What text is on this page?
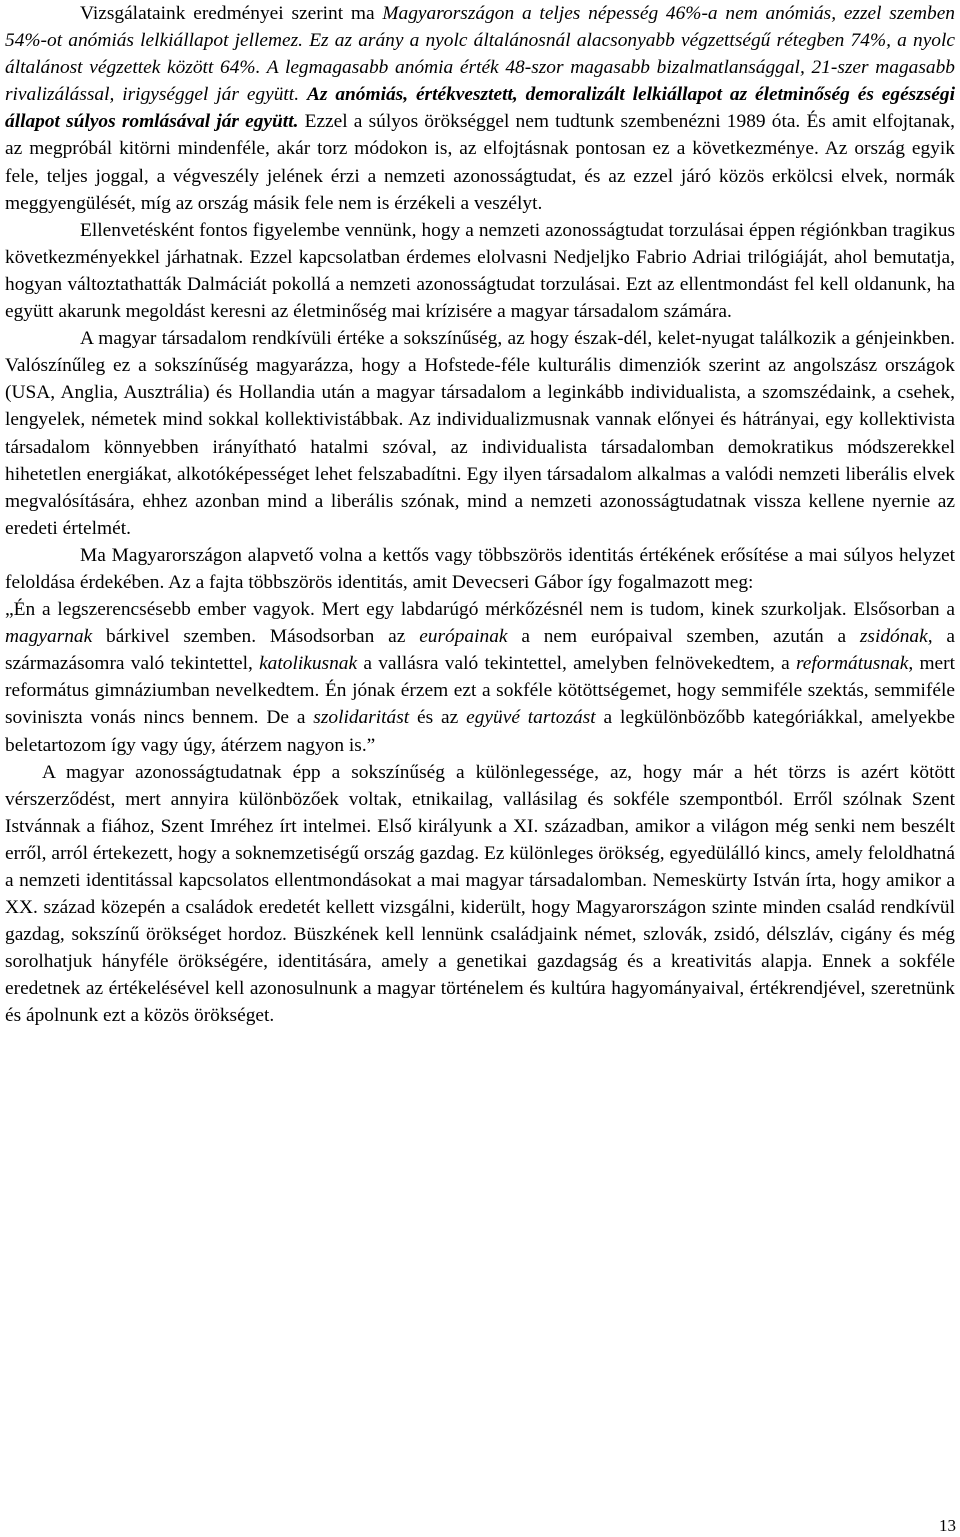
Vizsgálataink eredményei szerint ma Magyarországon a teljes népesség 46%-a nem anómiás, ezzel szemben 54%-ot anómiás lelkiállapot jellemez. Ez az arány a nyolc általánosnál alacsonyabb végzettségű rétegben 74%, a nyolc általánost végzettek között 64%. A legmagasabb anómia érték 48-szor magasabb bizalmatlansággal, 21-szer magasabb rivalizálással, irigységgel jár együtt. Az anómiás, értékvesztett, demoralizált lelkiállapot az életminőség és egészségi állapot súlyos romlásával jár együtt. Ezzel a súlyos örökséggel nem tudtunk szembenézni 1989 óta. És amit elfojtanak, az megpróbál kitörni mindenféle, akár torz módokon is, az elfojtásnak pontosan ez a következménye. Az ország egyik fele, teljes joggal, a végveszély jelének érzi a nemzeti azonosságtudat, és az ezzel járó közös erkölcsi elvek, normák meggyengülését, míg az ország másik fele nem is érzékeli a veszélyt.

Ellenvetésként fontos figyelembe vennünk, hogy a nemzeti azonosságtudat torzulásai éppen régiónkban tragikus következményekkel járhatnak. Ezzel kapcsolatban érdemes elolvasni Nedjeljko Fabrio Adriai trilógiáját, ahol bemutatja, hogyan változtathatták Dalmáciát pokollá a nemzeti azonosságtudat torzulásai. Ezt az ellentmondást fel kell oldanunk, ha együtt akarunk megoldást keresni az életminőség mai krízisére a magyar társadalom számára.

A magyar társadalom rendkívüli értéke a sokszínűség, az hogy észak-dél, kelet-nyugat találkozik a génjeinkben. Valószínűleg ez a sokszínűség magyarázza, hogy a Hofstede-féle kulturális dimenziók szerint az angolszász országok (USA, Anglia, Ausztrália) és Hollandia után a magyar társadalom a leginkább individualista, a szomszédaink, a csehek, lengyelek, németek mind sokkal kollektivistábbak. Az individualizmusnak vannak előnyei és hátrányai, egy kollektivista társadalom könnyebben irányítható hatalmi szóval, az individualista társadalomban demokratikus módszerekkel hihetetlen energiákat, alkotóképességet lehet felszabadítni. Egy ilyen társadalom alkalmas a valódi nemzeti liberális elvek megvalósítására, ehhez azonban mind a liberális szónak, mind a nemzeti azonosságtudatnak vissza kellene nyernie az eredeti értelmét.

Ma Magyarországon alapvető volna a kettős vagy többszörös identitás értékének erősítése a mai súlyos helyzet feloldása érdekében. Az a fajta többszörös identitás, amit Devecseri Gábor így fogalmazott meg:

„Én a legszerencsésebb ember vagyok. Mert egy labdarúgó mérkőzésnél nem is tudom, kinek szurkoljak. Elsősorban a magyarnak bárkivel szemben. Másodsorban az európainak a nem európaival szemben, azután a zsidónak, a származásomra való tekintettel, katolikusnak a vallásra való tekintettel, amelyben felnövekedtem, a reformátusnak, mert református gimnáziumban nevelkedtem. Én jónak érzem ezt a sokféle kötöttségemet, hogy semmiféle szektás, semmiféle soviniszta vonás nincs bennem. De a szolidaritást és az együvé tartozást a legkülönbözőbb kategóriákkal, amelyekbe beletartozom így vagy úgy, átérzem nagyon is.”

A magyar azonosságtudatnak épp a sokszínűség a különlegessége, az, hogy már a hét törzs is azért kötött vérszerződést, mert annyira különbözőek voltak, etnikailag, vallásilag és sokféle szempontból. Erről szólnak Szent Istvánnak a fiához, Szent Imréhez írt intelmei. Első királyunk a XI. században, amikor a világon még senki nem beszélt erről, arról értekezett, hogy a soknemzetiségű ország gazdag. Ez különleges örökség, egyedülálló kincs, amely feloldhatná a nemzeti identitással kapcsolatos ellentmondásokat a mai magyar társadalomban. Nemeskürty István írta, hogy amikor a XX. század közepén a családok eredetét kellett vizsgálni, kiderült, hogy Magyarországon szinte minden család rendkívül gazdag, sokszínű örökséget hordoz. Büszkének kell lennünk családjaink német, szlovák, zsidó, délszláv, cigány és még sorolhatjuk hányféle örökségére, identitására, amely a genetikai gazdagság és a kreativitás alapja. Ennek a sokféle eredetnek az értékelésével kell azonosulnunk a magyar történelem és kultúra hagyományaival, értékrendjével, szeretnünk és ápolnunk ezt a közös örökséget.

13
